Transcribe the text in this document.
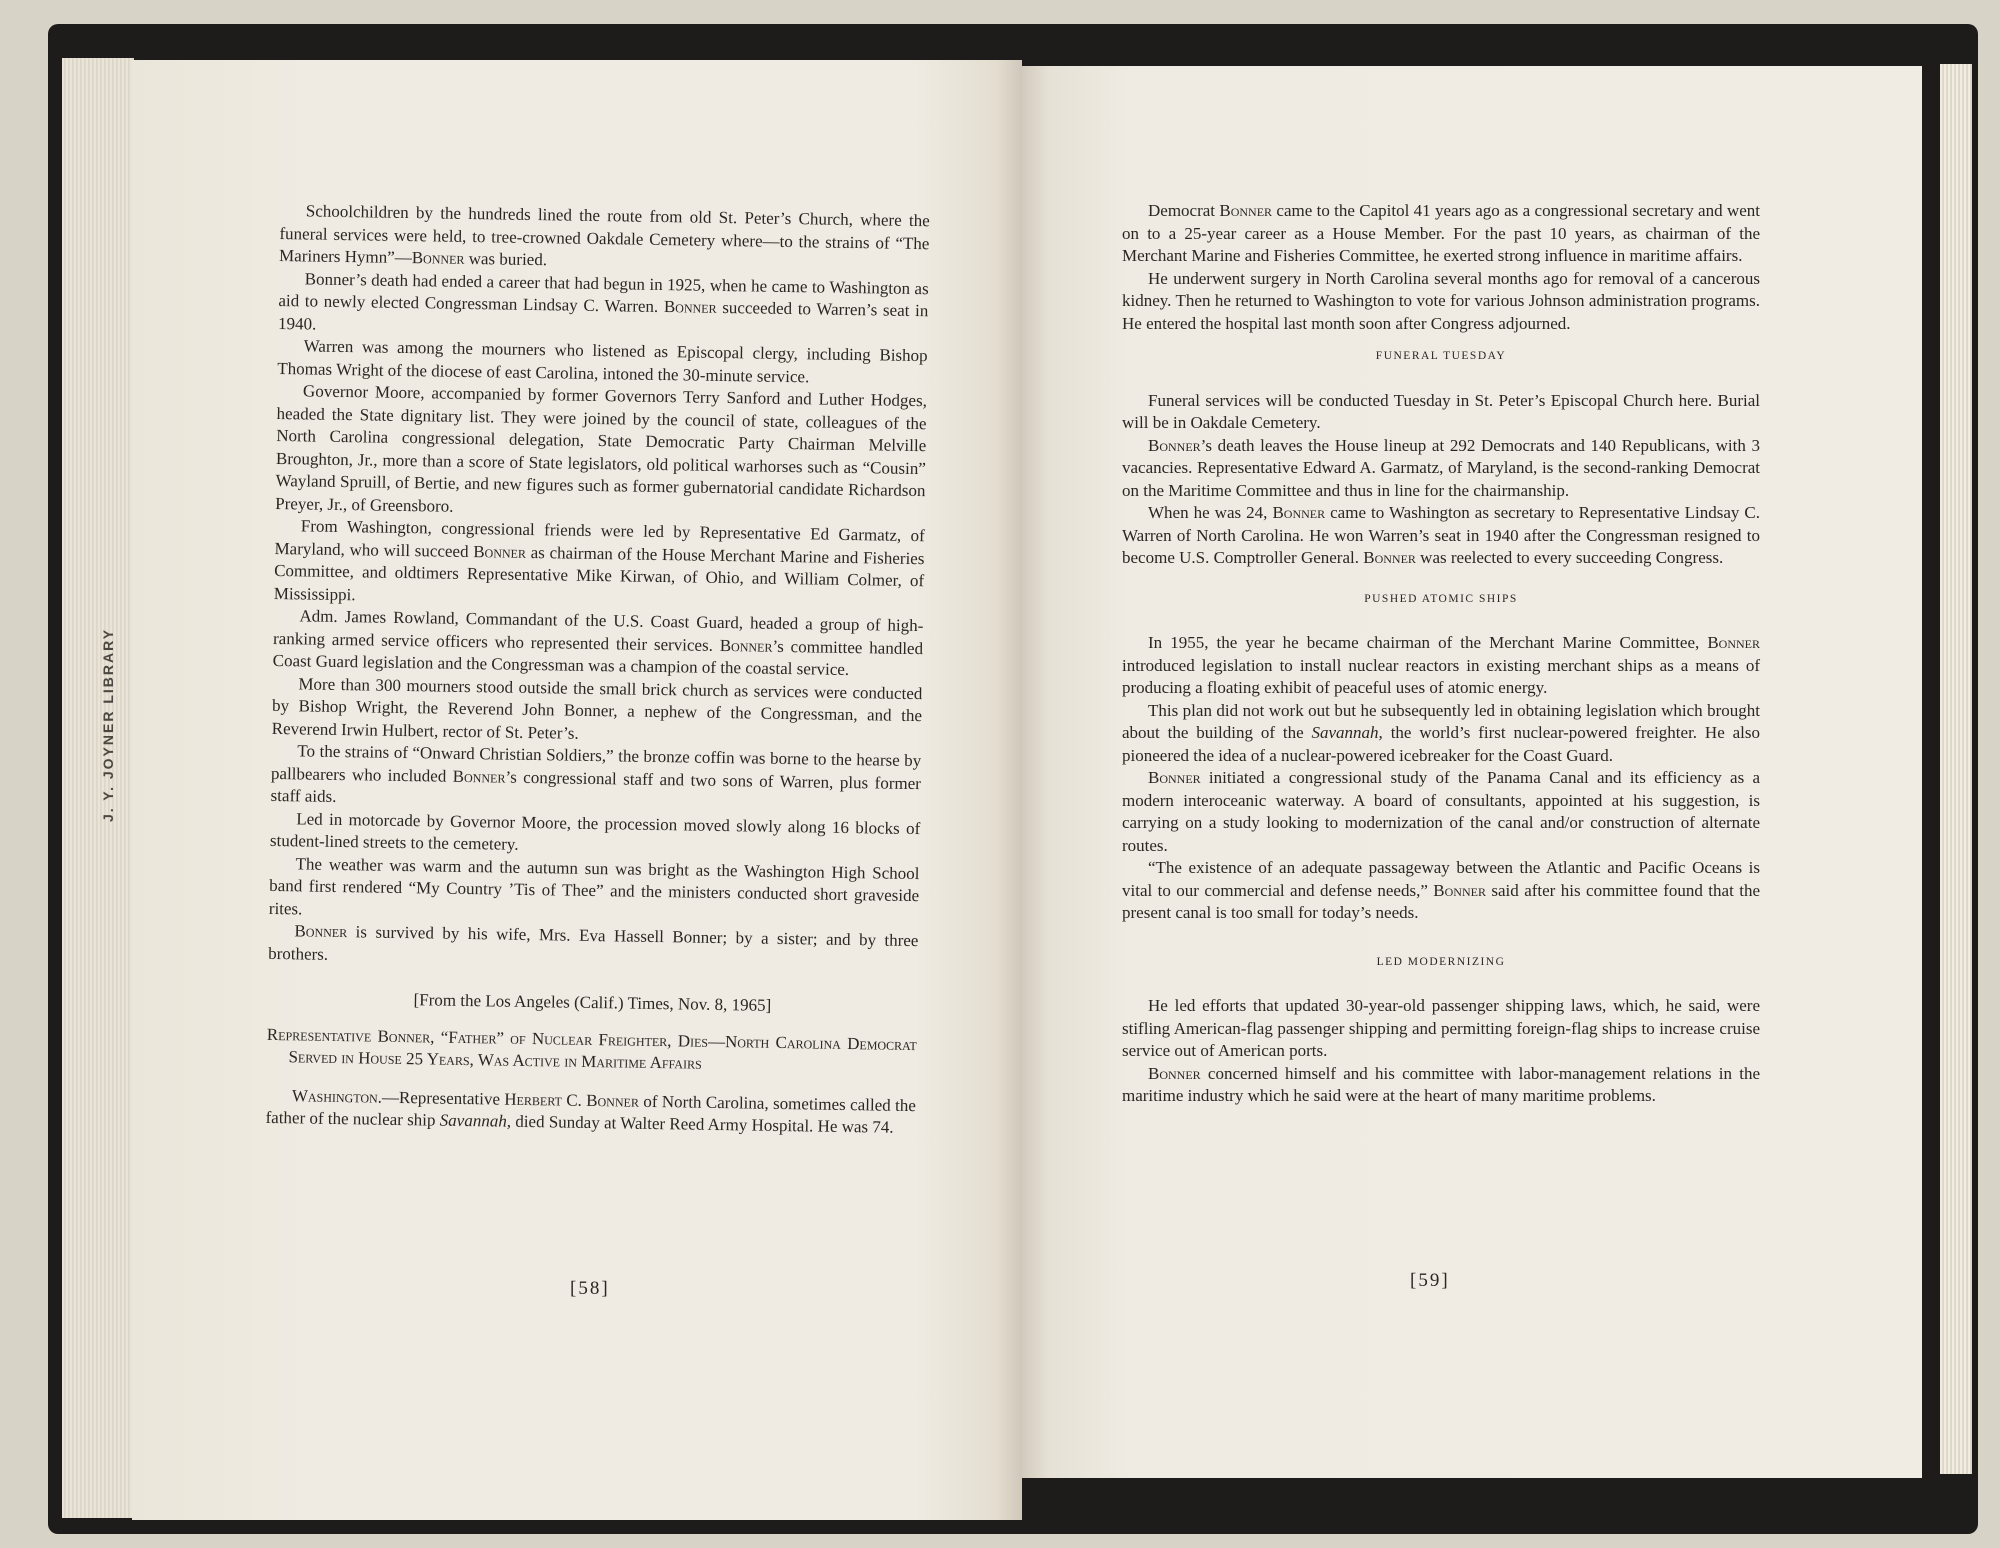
J. Y. JOYNER LIBRARY

Schoolchildren by the hundreds lined the route from old St. Peter’s Church, where the funeral services were held, to tree-crowned Oakdale Cemetery where—to the strains of “The Mariners Hymn”—Bonner was buried.

Bonner’s death had ended a career that had begun in 1925, when he came to Washington as aid to newly elected Congressman Lindsay C. Warren. Bonner succeeded to Warren’s seat in 1940.

Warren was among the mourners who listened as Episcopal clergy, including Bishop Thomas Wright of the diocese of east Carolina, intoned the 30-minute service.

Governor Moore, accompanied by former Governors Terry Sanford and Luther Hodges, headed the State dignitary list. They were joined by the council of state, colleagues of the North Carolina congressional delegation, State Democratic Party Chairman Melville Broughton, Jr., more than a score of State legislators, old political warhorses such as “Cousin” Wayland Spruill, of Bertie, and new figures such as former gubernatorial candidate Richardson Preyer, Jr., of Greensboro.

From Washington, congressional friends were led by Representative Ed Garmatz, of Maryland, who will succeed Bonner as chairman of the House Merchant Marine and Fisheries Committee, and oldtimers Representative Mike Kirwan, of Ohio, and William Colmer, of Mississippi.

Adm. James Rowland, Commandant of the U.S. Coast Guard, headed a group of high-ranking armed service officers who represented their services. Bonner’s committee handled Coast Guard legislation and the Congressman was a champion of the coastal service.

More than 300 mourners stood outside the small brick church as services were conducted by Bishop Wright, the Reverend John Bonner, a nephew of the Congressman, and the Reverend Irwin Hulbert, rector of St. Peter’s.

To the strains of “Onward Christian Soldiers,” the bronze coffin was borne to the hearse by pallbearers who included Bonner’s congressional staff and two sons of Warren, plus former staff aids.

Led in motorcade by Governor Moore, the procession moved slowly along 16 blocks of student-lined streets to the cemetery.

The weather was warm and the autumn sun was bright as the Washington High School band first rendered “My Country ’Tis of Thee” and the ministers conducted short graveside rites.

Bonner is survived by his wife, Mrs. Eva Hassell Bonner; by a sister; and by three brothers.

[From the Los Angeles (Calif.) Times, Nov. 8, 1965]

Representative Bonner, “Father” of Nuclear Freighter, Dies—North Carolina Democrat Served in House 25 Years, Was Active in Maritime Affairs

Washington.—Representative Herbert C. Bonner of North Carolina, sometimes called the father of the nuclear ship Savannah, died Sunday at Walter Reed Army Hospital. He was 74.

[58]

Democrat Bonner came to the Capitol 41 years ago as a congressional secretary and went on to a 25-year career as a House Member. For the past 10 years, as chairman of the Merchant Marine and Fisheries Committee, he exerted strong influence in maritime affairs.

He underwent surgery in North Carolina several months ago for removal of a cancerous kidney. Then he returned to Washington to vote for various Johnson administration programs. He entered the hospital last month soon after Congress adjourned.

FUNERAL TUESDAY

Funeral services will be conducted Tuesday in St. Peter’s Episcopal Church here. Burial will be in Oakdale Cemetery.

Bonner’s death leaves the House lineup at 292 Democrats and 140 Republicans, with 3 vacancies. Representative Edward A. Garmatz, of Maryland, is the second-ranking Democrat on the Maritime Committee and thus in line for the chairmanship.

When he was 24, Bonner came to Washington as secretary to Representative Lindsay C. Warren of North Carolina. He won Warren’s seat in 1940 after the Congressman resigned to become U.S. Comptroller General. Bonner was reelected to every succeeding Congress.

PUSHED ATOMIC SHIPS

In 1955, the year he became chairman of the Merchant Marine Committee, Bonner introduced legislation to install nuclear reactors in existing merchant ships as a means of producing a floating exhibit of peaceful uses of atomic energy.

This plan did not work out but he subsequently led in obtaining legislation which brought about the building of the Savannah, the world’s first nuclear-powered freighter. He also pioneered the idea of a nuclear-powered icebreaker for the Coast Guard.

Bonner initiated a congressional study of the Panama Canal and its efficiency as a modern interoceanic waterway. A board of consultants, appointed at his suggestion, is carrying on a study looking to modernization of the canal and/or construction of alternate routes.

“The existence of an adequate passageway between the Atlantic and Pacific Oceans is vital to our commercial and defense needs,” Bonner said after his committee found that the present canal is too small for today’s needs.

LED MODERNIZING

He led efforts that updated 30-year-old passenger shipping laws, which, he said, were stifling American-flag passenger shipping and permitting foreign-flag ships to increase cruise service out of American ports.

Bonner concerned himself and his committee with labor-management relations in the maritime industry which he said were at the heart of many maritime problems.

[59]
